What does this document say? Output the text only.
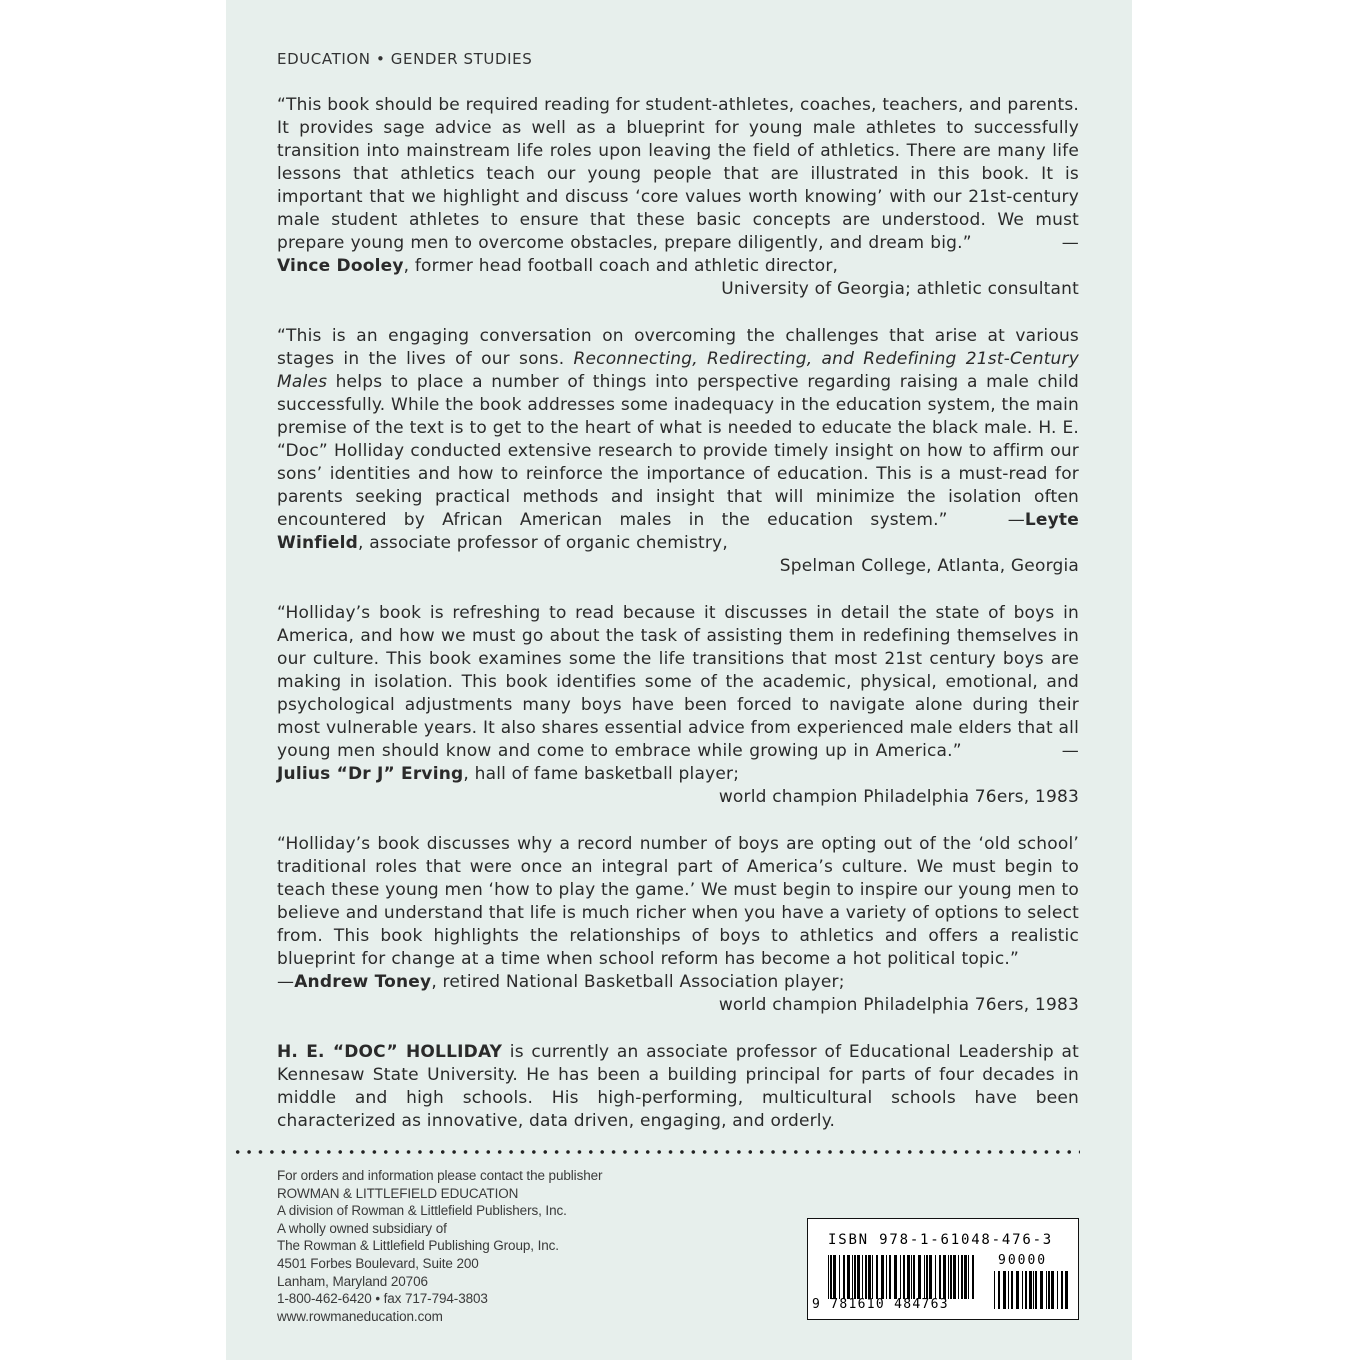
EDUCATION • GENDER STUDIES

“This book should be required reading for student-athletes, coaches, teachers, and parents. It provides sage advice as well as a blueprint for young male athletes to successfully transition into mainstream life roles upon leaving the field of athletics. There are many life lessons that athletics teach our young people that are illustrated in this book. It is important that we highlight and discuss ‘core values worth knowing’ with our 21st-century male student athletes to ensure that these basic concepts are understood. We must prepare young men to overcome obstacles, prepare diligently, and dream big.”	—Vince Dooley, former head football coach and athletic director,

University of Georgia; athletic consultant

“This is an engaging conversation on overcoming the challenges that arise at various stages in the lives of our sons. Reconnecting, Redirecting, and Redefining 21st-Century Males helps to place a number of things into perspective regarding raising a male child successfully. While the book addresses some inadequacy in the education system, the main premise of the text is to get to the heart of what is needed to educate the black male. H. E. “Doc” Holliday conducted extensive research to provide timely insight on how to affirm our sons’ identities and how to reinforce the importance of education. This is a must-read for parents seeking practical methods and insight that will minimize the isolation often encountered by African American males in the education system.”	—Leyte Winfield, associate professor of organic chemistry,

Spelman College, Atlanta, Georgia

“Holliday’s book is refreshing to read because it discusses in detail the state of boys in America, and how we must go about the task of assisting them in redefining themselves in our culture. This book examines some the life transitions that most 21st century boys are making in isolation. This book identifies some of the academic, physical, emotional, and psychological adjustments many boys have been forced to navigate alone during their most vulnerable years. It also shares essential advice from experienced male elders that all young men should know and come to embrace while growing up in America.”	—Julius “Dr J” Erving, hall of fame basketball player;

world champion Philadelphia 76ers, 1983

“Holliday’s book discusses why a record number of boys are opting out of the ‘old school’ traditional roles that were once an integral part of America’s culture. We must begin to teach these young men ‘how to play the game.’ We must begin to inspire our young men to believe and understand that life is much richer when you have a variety of options to select from. This book highlights the relationships of boys to athletics and offers a realistic blueprint for change at a time when school reform has become a hot political topic.”—Andrew Toney, retired National Basketball Association player;

world champion Philadelphia 76ers, 1983

H. E. “DOC” HOLLIDAY is currently an associate professor of Educational Leadership at Kennesaw State University. He has been a building principal for parts of four decades in middle and high schools. His high-performing, multicultural schools have been characterized as innovative, data driven, engaging, and orderly.

For orders and information please contact the publisher
ROWMAN & LITTLEFIELD EDUCATION
A division of Rowman & Littlefield Publishers, Inc.
A wholly owned subsidiary of
The Rowman & Littlefield Publishing Group, Inc.
4501 Forbes Boulevard, Suite 200
Lanham, Maryland 20706
1-800-462-6420 • fax 717-794-3803
www.rowmaneducation.com
ISBN 978-1-61048-476-3
90000
9 781610 484763
